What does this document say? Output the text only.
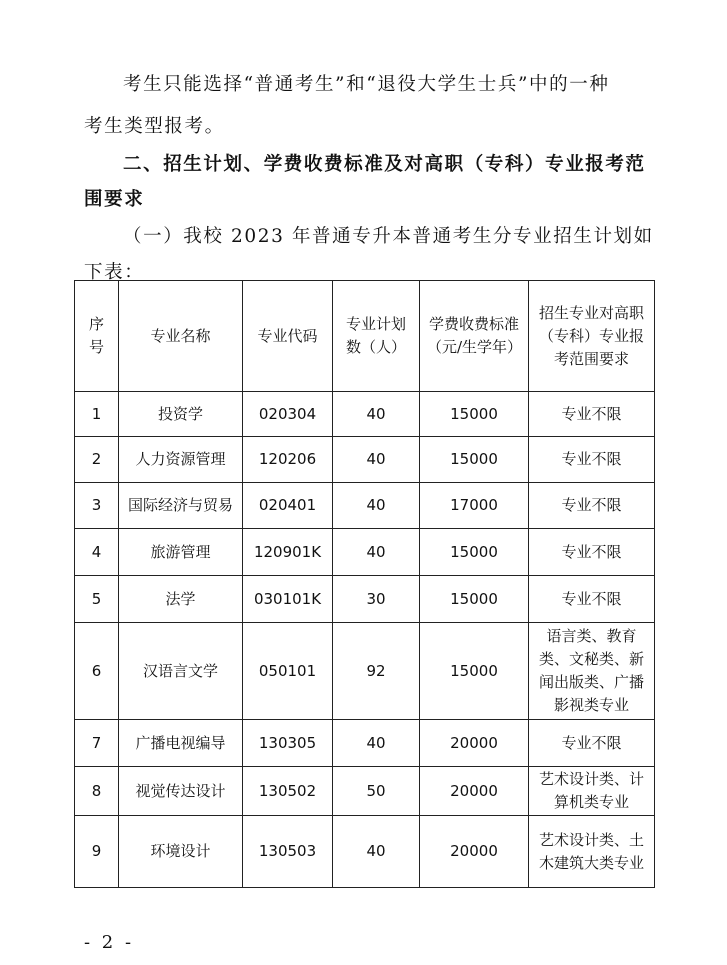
考生只能选择“普通考生”和“退役大学生士兵”中的一种
考生类型报考。
二、招生计划、学费收费标准及对高职（专科）专业报考范
围要求
（一）我校 2023 年普通专升本普通考生分专业招生计划如
下表：
序号	专业名称	专业代码	专业计划数（人）	学费收费标准（元/生学年）	招生专业对高职（专科）专业报考范围要求
1	投资学	020304	40	15000	专业不限
2	人力资源管理	120206	40	15000	专业不限
3	国际经济与贸易	020401	40	17000	专业不限
4	旅游管理	120901K	40	15000	专业不限
5	法学	030101K	30	15000	专业不限
6	汉语言文学	050101	92	15000	语言类、教育类、文秘类、新闻出版类、广播影视类专业
7	广播电视编导	130305	40	20000	专业不限
8	视觉传达设计	130502	50	20000	艺术设计类、计算机类专业
9	环境设计	130503	40	20000	艺术设计类、土木建筑大类专业
- 2 -
